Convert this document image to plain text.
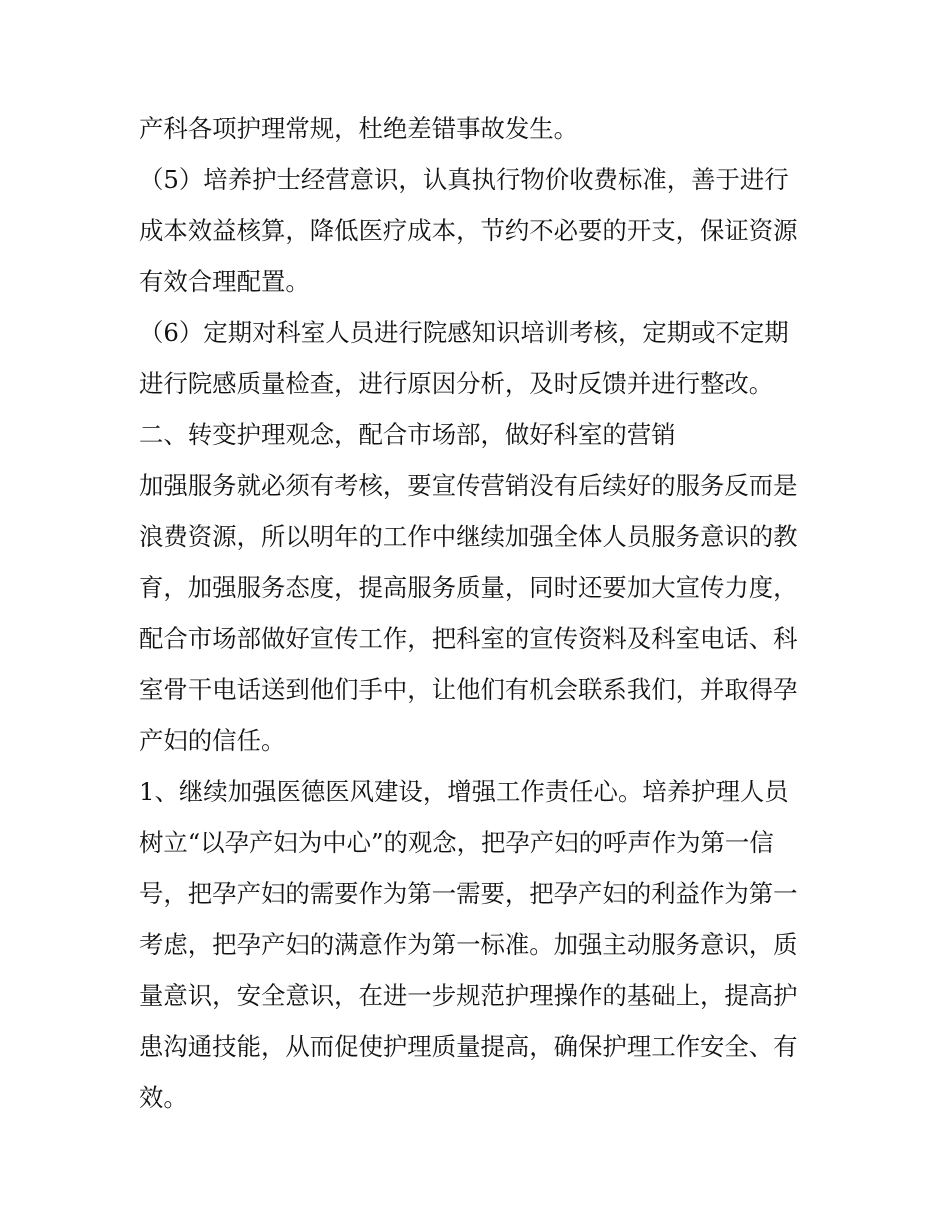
产科各项护理常规，杜绝差错事故发生。
（5）培养护士经营意识，认真执行物价收费标准，善于进行
成本效益核算，降低医疗成本，节约不必要的开支，保证资源
有效合理配置。
（6）定期对科室人员进行院感知识培训考核，定期或不定期
进行院感质量检查，进行原因分析，及时反馈并进行整改。
二、转变护理观念，配合市场部，做好科室的营销
加强服务就必须有考核，要宣传营销没有后续好的服务反而是
浪费资源，所以明年的工作中继续加强全体人员服务意识的教
育，加强服务态度，提高服务质量，同时还要加大宣传力度，
配合市场部做好宣传工作，把科室的宣传资料及科室电话、科
室骨干电话送到他们手中，让他们有机会联系我们，并取得孕
产妇的信任。
1、继续加强医德医风建设，增强工作责任心。培养护理人员
树立“以孕产妇为中心”的观念，把孕产妇的呼声作为第一信
号，把孕产妇的需要作为第一需要，把孕产妇的利益作为第一
考虑，把孕产妇的满意作为第一标准。加强主动服务意识，质
量意识，安全意识，在进一步规范护理操作的基础上，提高护
患沟通技能，从而促使护理质量提高，确保护理工作安全、有
效。
